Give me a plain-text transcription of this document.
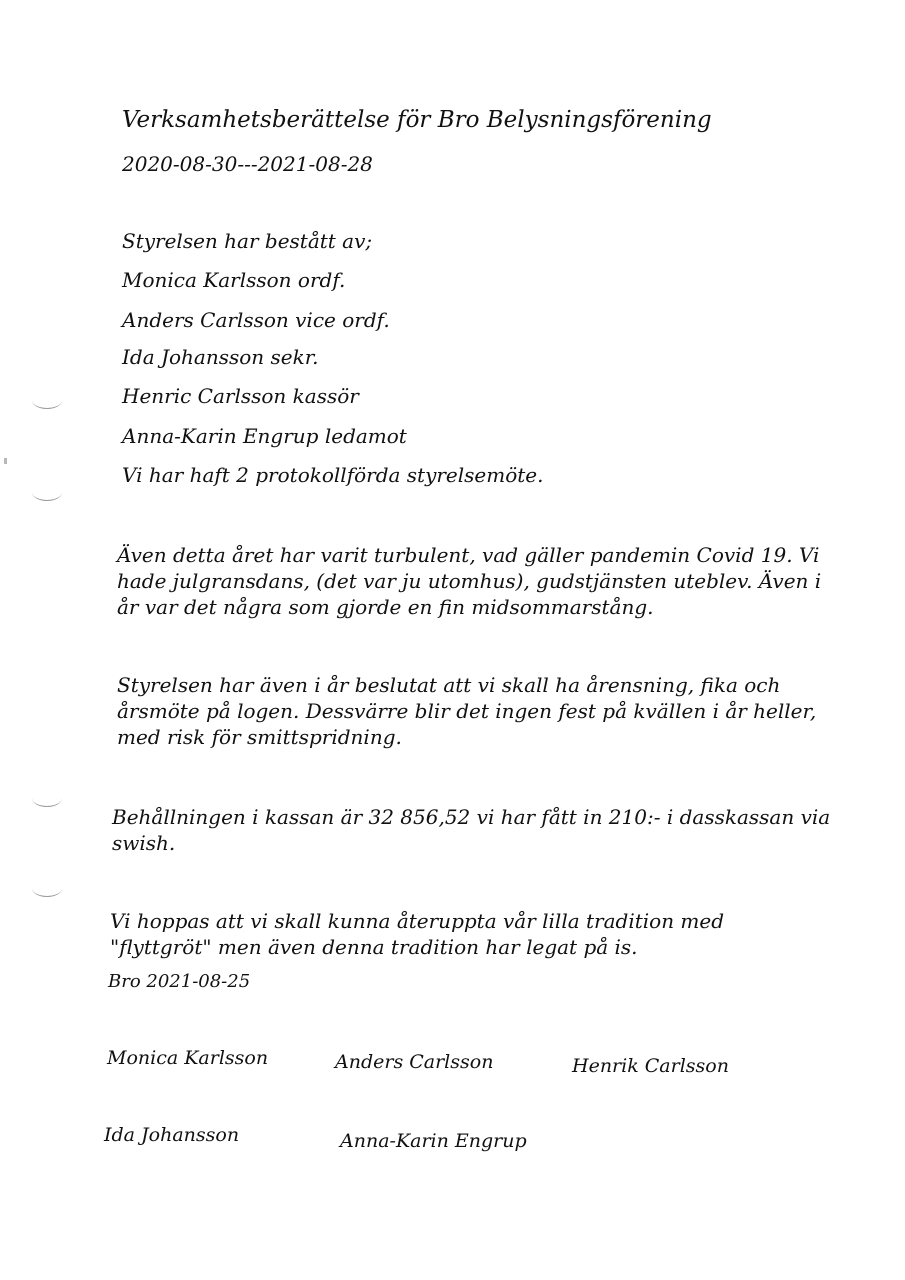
Verksamhetsberättelse för Bro Belysningsförening
2020-08-30---2021-08-28
Styrelsen har bestått av;
Monica Karlsson ordf.
Anders Carlsson vice ordf.
Ida Johansson sekr.
Henric Carlsson kassör
Anna-Karin Engrup ledamot
Vi har haft 2 protokollförda styrelsemöte.
Även detta året har varit turbulent, vad gäller pandemin Covid 19. Vi
hade julgransdans, (det var ju utomhus), gudstjänsten uteblev. Även i
år var det några som gjorde en fin midsommarstång.
Styrelsen har även i år beslutat att vi skall ha årensning, fika och
årsmöte på logen. Dessvärre blir det ingen fest på kvällen i år heller,
med risk för smittspridning.
Behållningen i kassan är 32 856,52 vi har fått in 210:- i dasskassan via
swish.
Vi hoppas att vi skall kunna återuppta vår lilla tradition med
"flyttgröt" men även denna tradition har legat på is.
Bro 2021-08-25
Monica Karlsson	Anders Carlsson	Henrik Carlsson
Ida Johansson	Anna-Karin Engrup
